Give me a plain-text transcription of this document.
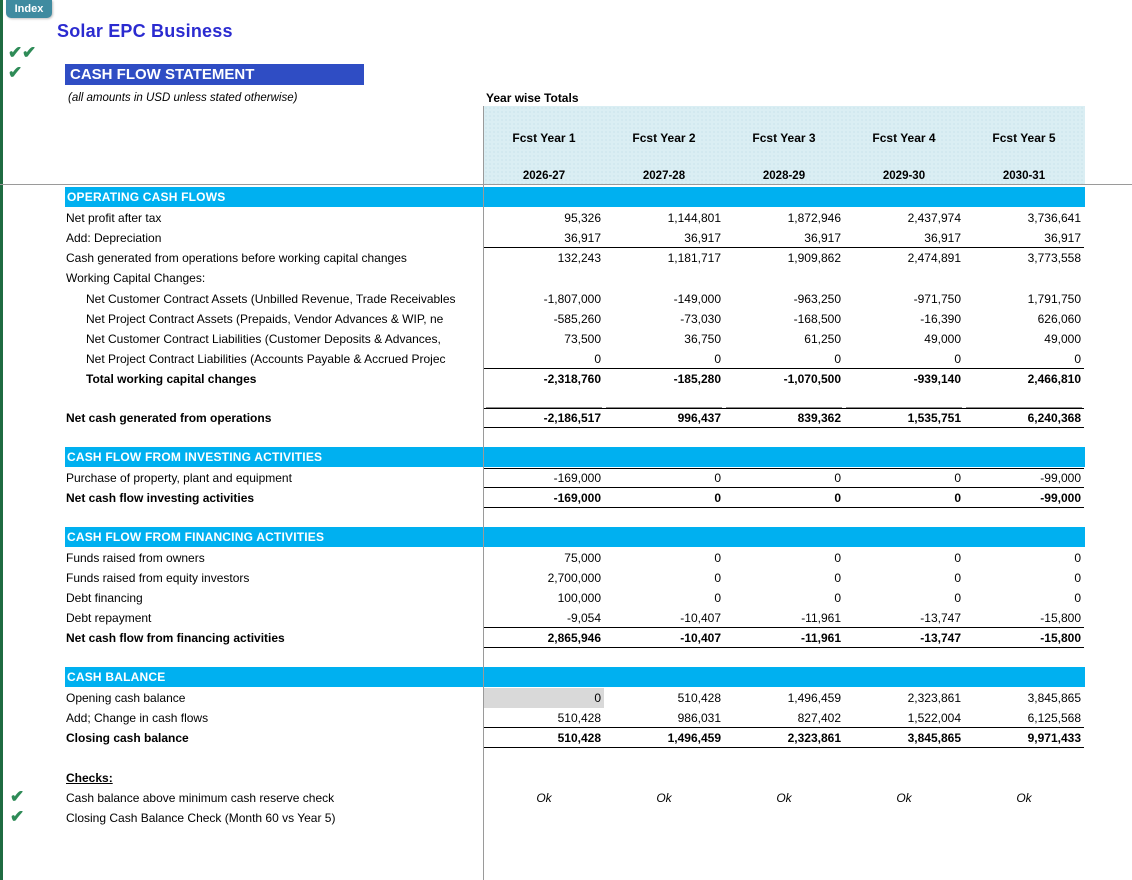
Index
✔ ✔
✔
Solar EPC Business
CASH FLOW STATEMENT
(all amounts in USD unless stated otherwise)	Year wise Totals
Fcst Year 1	Fcst Year 2	Fcst Year 3	Fcst Year 4	Fcst Year 5
2026-27	2027-28	2028-29	2029-30	2030-31
OPERATING CASH FLOWS
Net profit after tax	95,326	1,144,801	1,872,946	2,437,974	3,736,641
Add: Depreciation	36,917	36,917	36,917	36,917	36,917
Cash generated from operations before working capital changes	132,243	1,181,717	1,909,862	2,474,891	3,773,558
Working Capital Changes:
Net Customer Contract Assets (Unbilled Revenue, Trade Receivables	-1,807,000	-149,000	-963,250	-971,750	1,791,750
Net Project Contract Assets (Prepaids, Vendor Advances & WIP, ne	-585,260	-73,030	-168,500	-16,390	626,060
Net Customer Contract Liabilities (Customer Deposits & Advances,	73,500	36,750	61,250	49,000	49,000
Net Project Contract Liabilities (Accounts Payable & Accrued Projec	0	0	0	0	0
Total working capital changes	-2,318,760	-185,280	-1,070,500	-939,140	2,466,810
Net cash generated from operations	-2,186,517	996,437	839,362	1,535,751	6,240,368
CASH FLOW FROM INVESTING ACTIVITIES
Purchase of property, plant and equipment	-169,000	0	0	0	-99,000
Net cash flow investing activities	-169,000	0	0	0	-99,000
CASH FLOW FROM FINANCING ACTIVITIES
Funds raised from owners	75,000	0	0	0	0
Funds raised from equity investors	2,700,000	0	0	0	0
Debt financing	100,000	0	0	0	0
Debt repayment	-9,054	-10,407	-11,961	-13,747	-15,800
Net cash flow from financing activities	2,865,946	-10,407	-11,961	-13,747	-15,800
CASH BALANCE
Opening cash balance	0	510,428	1,496,459	2,323,861	3,845,865
Add; Change in cash flows	510,428	986,031	827,402	1,522,004	6,125,568
Closing cash balance	510,428	1,496,459	2,323,861	3,845,865	9,971,433
Checks:
✔
✔
Cash balance above minimum cash reserve check	Ok	Ok	Ok	Ok	Ok
Closing Cash Balance Check (Month 60 vs Year 5)
